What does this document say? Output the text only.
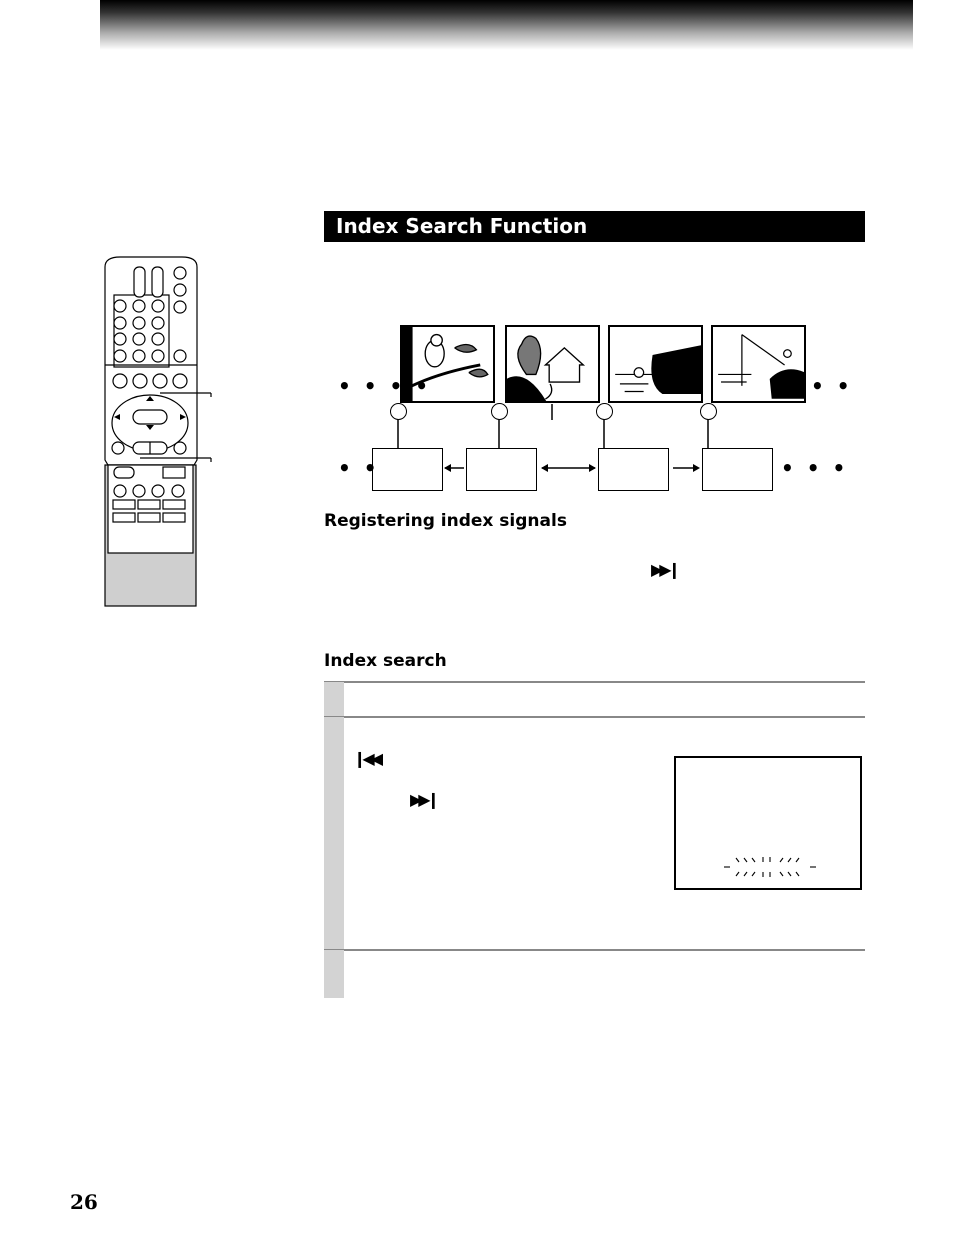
Index Search Function
• • • •	• •
• •	• • •
Registering index signals
▶▶❙
Index search
❙◀◀
▶▶❙
26
